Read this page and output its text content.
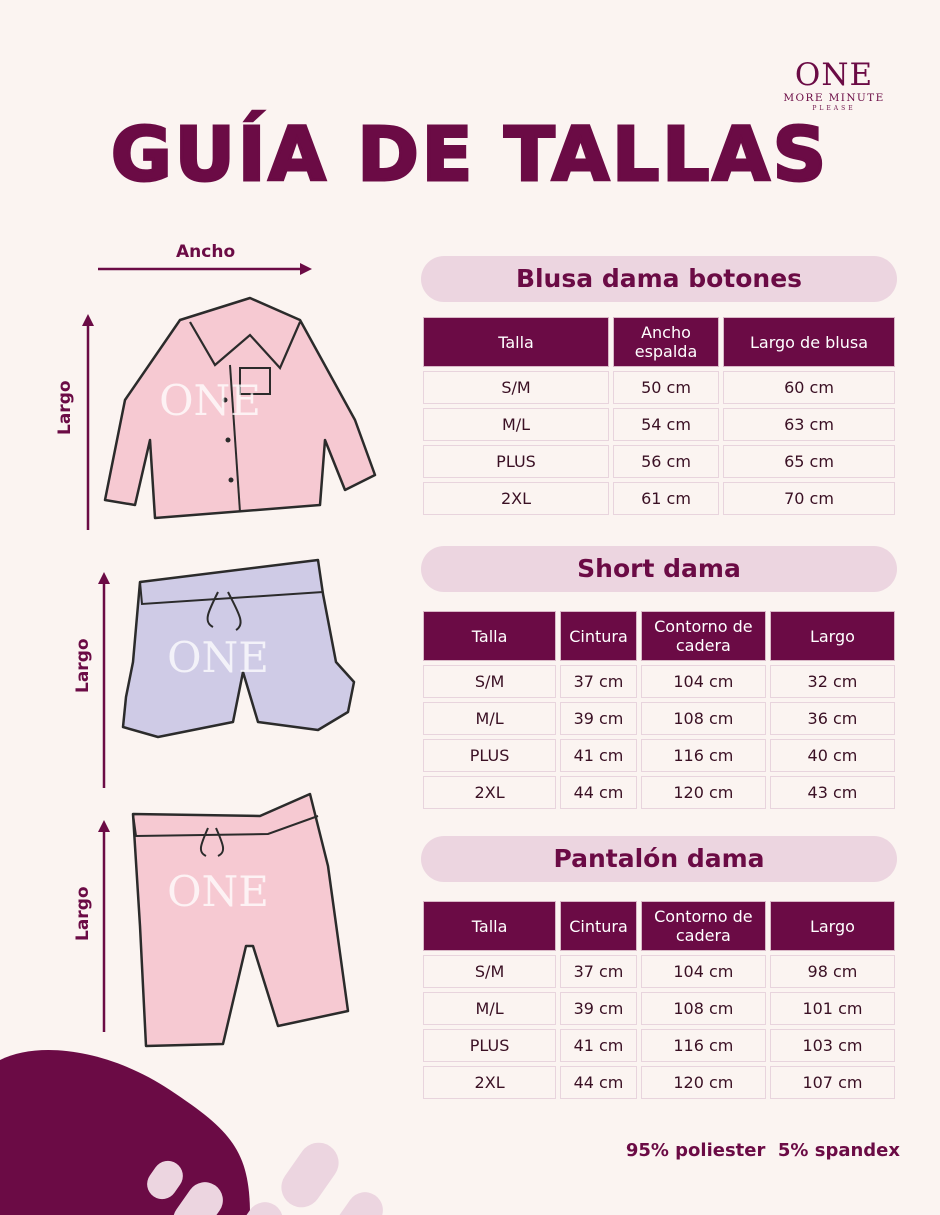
ONE
MORE MINUTE
PLEASE
GUÍA DE TALLAS
Ancho
Largo ONE
Largo ONE
Largo ONE
Blusa dama botones
Talla	Ancho espalda	Largo de blusa
S/M	50 cm	60 cm
M/L	54 cm	63 cm
PLUS	56 cm	65 cm
2XL	61 cm	70 cm
Short dama
Talla	Cintura	Contorno de cadera	Largo
S/M	37 cm	104 cm	32 cm
M/L	39 cm	108 cm	36 cm
PLUS	41 cm	116 cm	40 cm
2XL	44 cm	120 cm	43 cm
Pantalón dama
Talla	Cintura	Contorno de cadera	Largo
S/M	37 cm	104 cm	98 cm
M/L	39 cm	108 cm	101 cm
PLUS	41 cm	116 cm	103 cm
2XL	44 cm	120 cm	107 cm
95% poliester  5% spandex
